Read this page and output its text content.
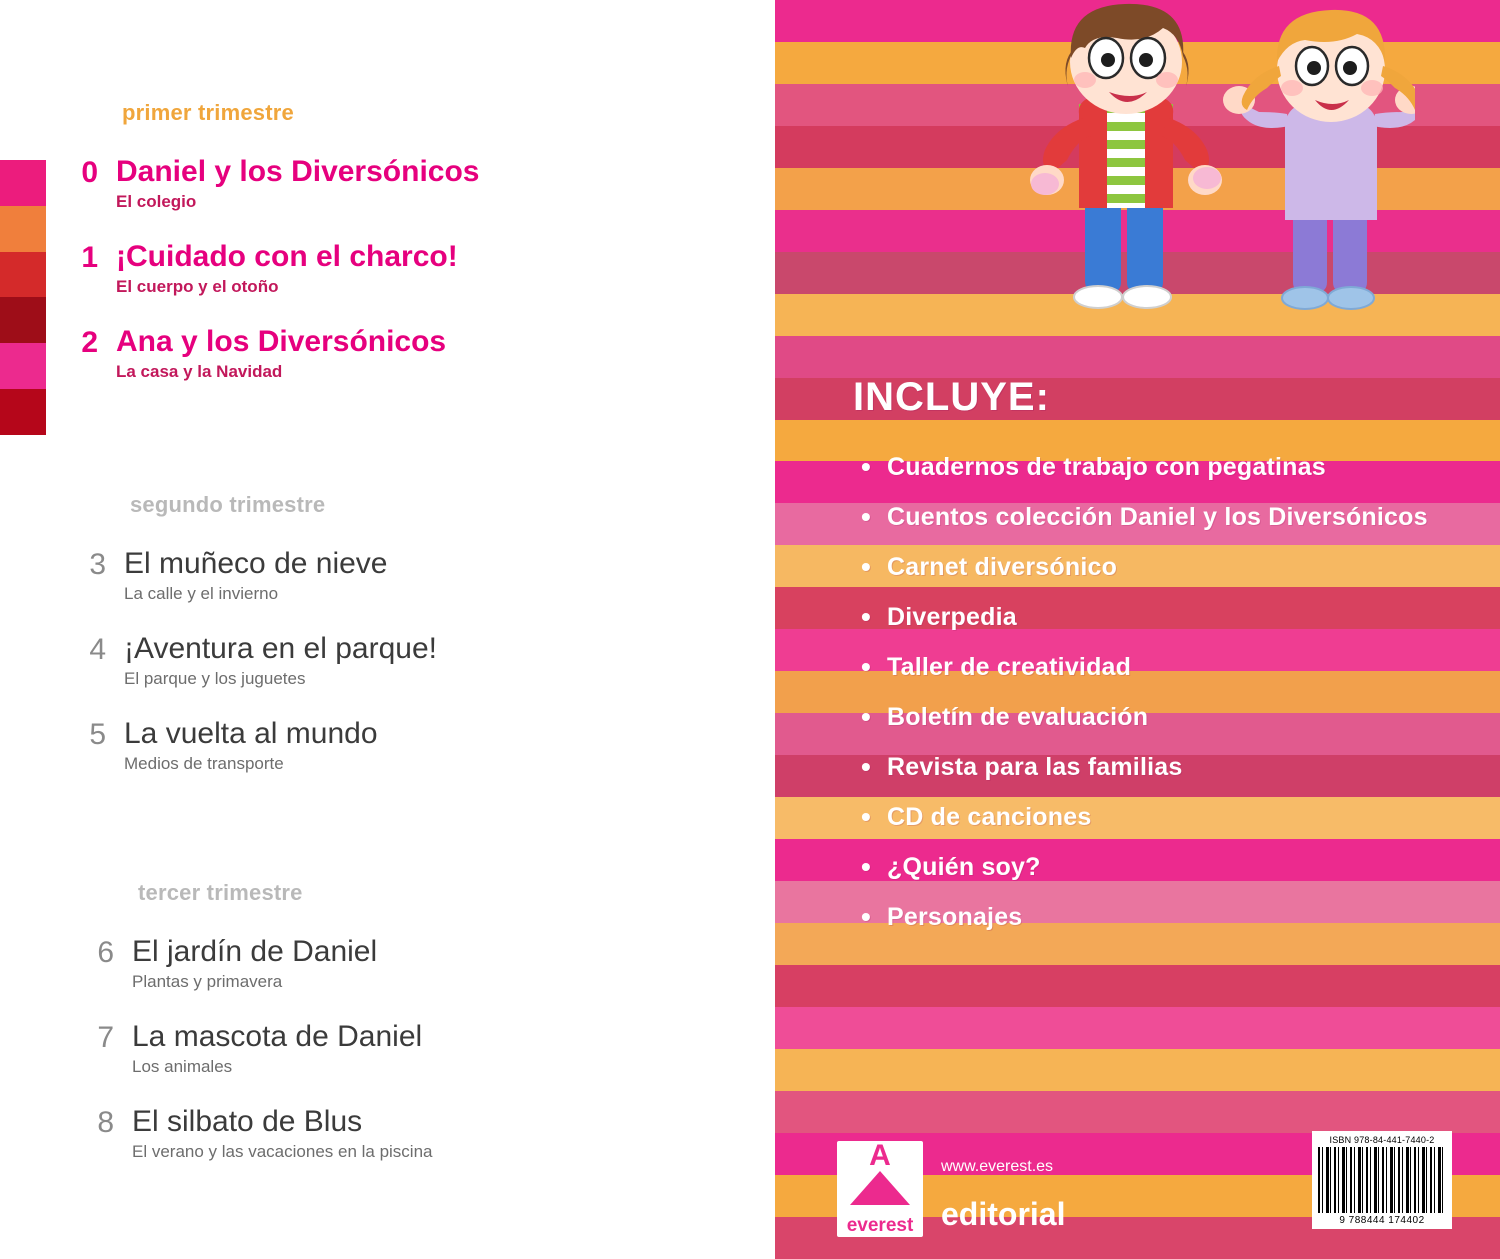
primer trimestre
0 Daniel y los Diversónicos
El colegio
1 ¡Cuidado con el charco!
El cuerpo y el otoño
2 Ana y los Diversónicos
La casa y la Navidad
segundo trimestre
3 El muñeco de nieve
La calle y el invierno
4 ¡Aventura en el parque!
El parque y los juguetes
5 La vuelta al mundo
Medios de transporte
tercer trimestre
6 El jardín de Daniel
Plantas y primavera
7 La mascota de Daniel
Los animales
8 El silbato de Blus
El verano y las vacaciones en la piscina
INCLUYE:
• Cuadernos de trabajo con pegatinas
• Cuentos colección Daniel y los Diversónicos
• Carnet diversónico
• Diverpedia
• Taller de creatividad
• Boletín de evaluación
• Revista para las familias
• CD de canciones
• ¿Quién soy?
• Personajes
A
everest
www.everest.es
editorial
ISBN 978-84-441-7440-2
9 788444 174402
